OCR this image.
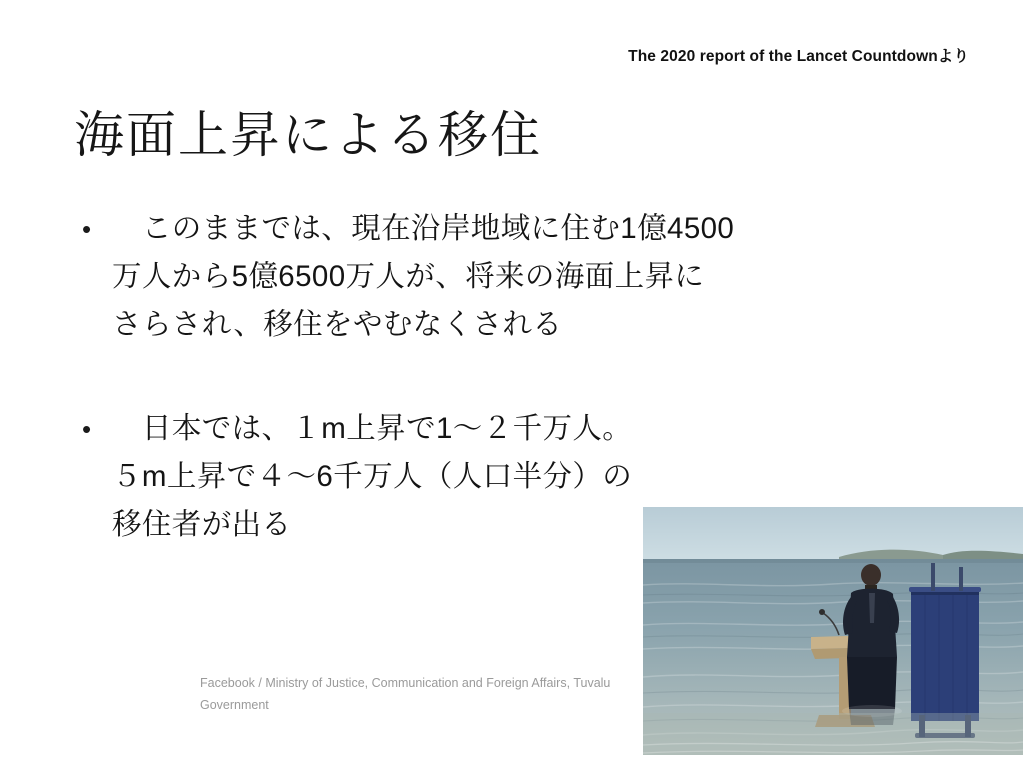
The 2020 report of the Lancet Countdownより
海面上昇による移住
• 　このままでは、現在沿岸地域に住む1億4500
万人から5億6500万人が、将来の海面上昇に
さらされ、移住をやむなくされる
• 　日本では、１m上昇で1〜２千万人。
５m上昇で４〜6千万人（人口半分）の
移住者が出る
Facebook / Ministry of Justice, Communication and Foreign Affairs, Tuvalu
Government
